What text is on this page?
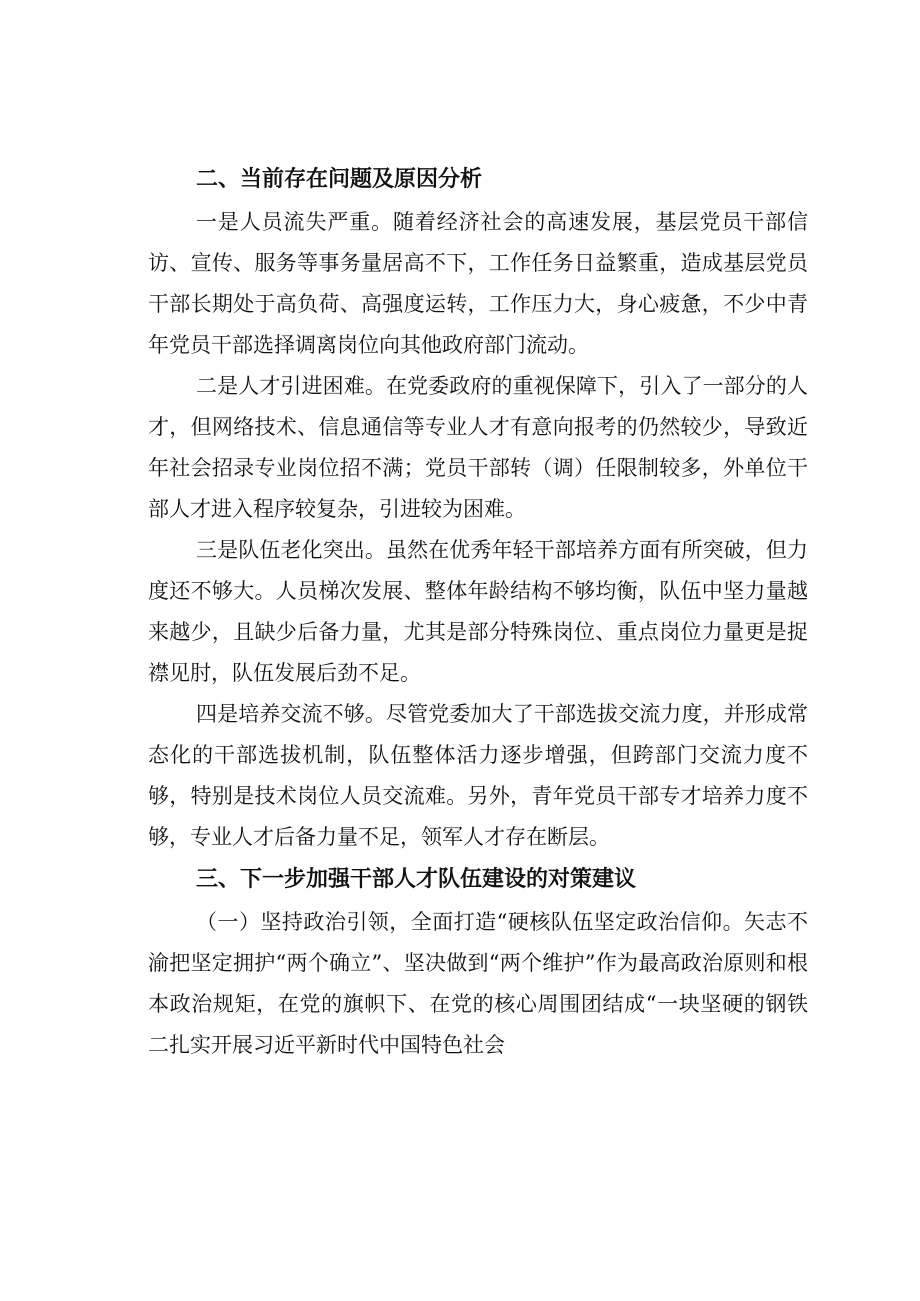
二、当前存在问题及原因分析

一是人员流失严重。随着经济社会的高速发展，基层党员干部信访、宣传、服务等事务量居高不下，工作任务日益繁重，造成基层党员干部长期处于高负荷、高强度运转，工作压力大，身心疲惫，不少中青年党员干部选择调离岗位向其他政府部门流动。

二是人才引进困难。在党委政府的重视保障下，引入了一部分的人才，但网络技术、信息通信等专业人才有意向报考的仍然较少，导致近年社会招录专业岗位招不满；党员干部转（调）任限制较多，外单位干部人才进入程序较复杂，引进较为困难。

三是队伍老化突出。虽然在优秀年轻干部培养方面有所突破，但力度还不够大。人员梯次发展、整体年龄结构不够均衡，队伍中坚力量越来越少，且缺少后备力量，尤其是部分特殊岗位、重点岗位力量更是捉襟见肘，队伍发展后劲不足。

四是培养交流不够。尽管党委加大了干部选拔交流力度，并形成常态化的干部选拔机制，队伍整体活力逐步增强，但跨部门交流力度不够，特别是技术岗位人员交流难。另外，青年党员干部专才培养力度不够，专业人才后备力量不足，领军人才存在断层。

三、下一步加强干部人才队伍建设的对策建议

（一）坚持政治引领，全面打造“硬核队伍坚定政治信仰。矢志不渝把坚定拥护“两个确立”、坚决做到“两个维护”作为最高政治原则和根本政治规矩，在党的旗帜下、在党的核心周围团结成“一块坚硬的钢铁二扎实开展习近平新时代中国特色社会
